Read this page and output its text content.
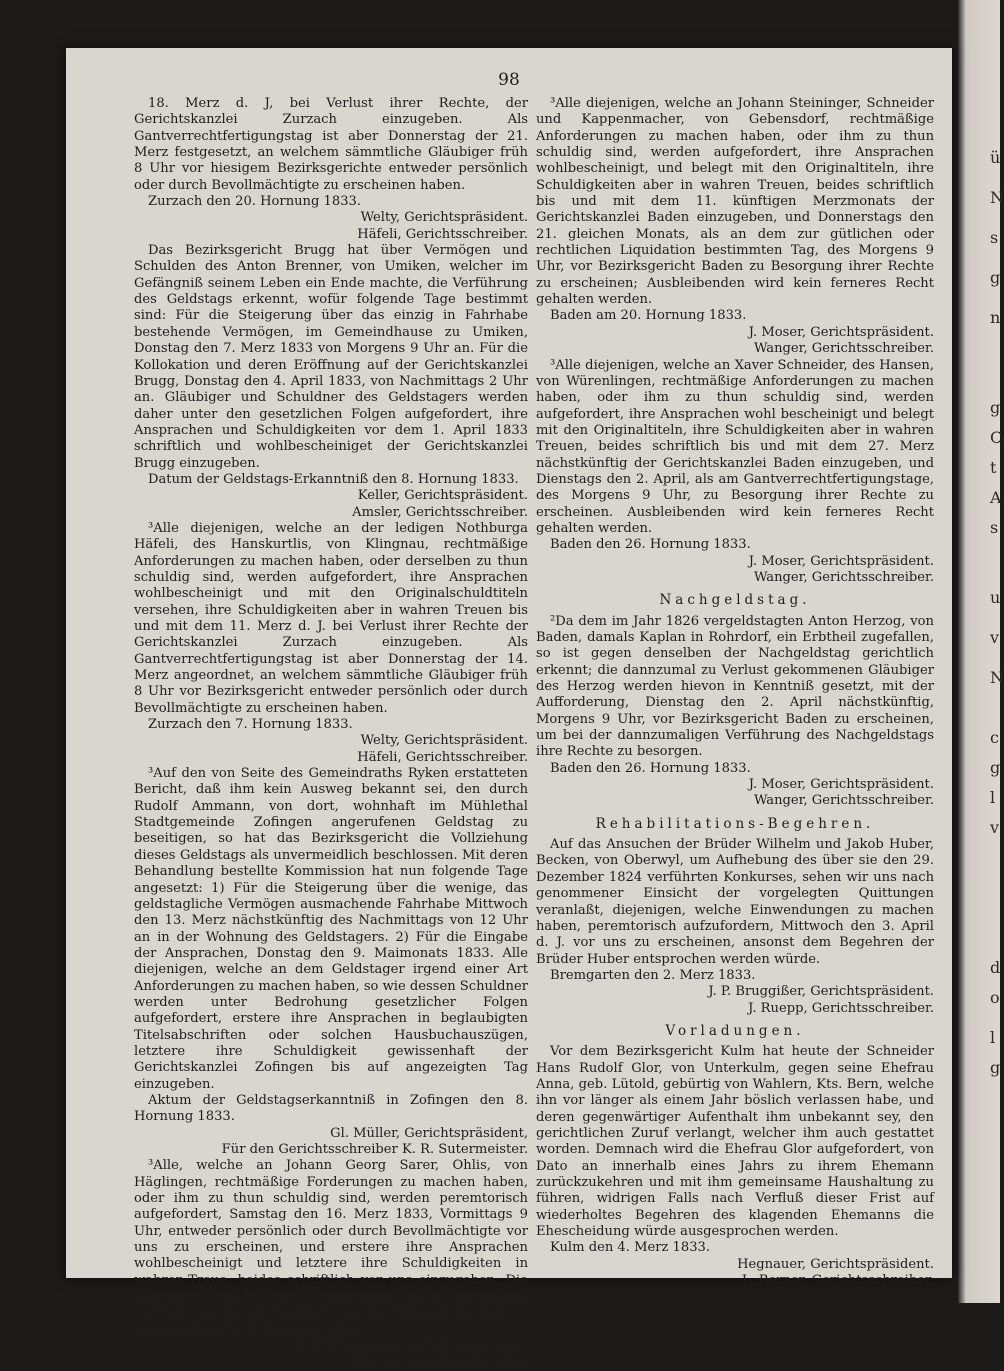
ü
N
s
g
n
g
C
t
A
s
u
v
N
c
g
l
v
d
o
l
g
98
18. Merz d. J, bei Verlust ihrer Rechte, der Gerichtskanzlei Zurzach einzugeben. Als Gantverrechtfertigungstag ist aber Donnerstag der 21. Merz festgesetzt, an welchem sämmtliche Gläubiger früh 8 Uhr vor hiesigem Bezirksgerichte entweder persönlich oder durch Bevollmächtigte zu erscheinen haben.
Zurzach den 20. Hornung 1833.
Welty, Gerichtspräsident.
Häfeli, Gerichtsschreiber.
Das Bezirksgericht Brugg hat über Vermögen und Schulden des Anton Brenner, von Umiken, welcher im Gefängniß seinem Leben ein Ende machte, die Verführung des Geldstags erkennt, wofür folgende Tage bestimmt sind: Für die Steigerung über das einzig in Fahrhabe bestehende Vermögen, im Gemeindhause zu Umiken, Donstag den 7. Merz 1833 von Morgens 9 Uhr an. Für die Kollokation und deren Eröffnung auf der Gerichtskanzlei Brugg, Donstag den 4. April 1833, von Nachmittags 2 Uhr an. Gläubiger und Schuldner des Geldstagers werden daher unter den gesetzlichen Folgen aufgefordert, ihre Ansprachen und Schuldigkeiten vor dem 1. April 1833 schriftlich und wohlbescheiniget der Gerichtskanzlei Brugg einzugeben.
Datum der Geldstags-Erkanntniß den 8. Hornung 1833.
Keller, Gerichtspräsident.
Amsler, Gerichtsschreiber.
³Alle diejenigen, welche an der ledigen Nothburga Häfeli, des Hanskurtlis, von Klingnau, rechtmäßige Anforderungen zu machen haben, oder derselben zu thun schuldig sind, werden aufgefordert, ihre Ansprachen wohlbescheinigt und mit den Originalschuldtiteln versehen, ihre Schuldigkeiten aber in wahren Treuen bis und mit dem 11. Merz d. J. bei Verlust ihrer Rechte der Gerichtskanzlei Zurzach einzugeben. Als Gantverrechtfertigungstag ist aber Donnerstag der 14. Merz angeordnet, an welchem sämmtliche Gläubiger früh 8 Uhr vor Bezirksgericht entweder persönlich oder durch Bevollmächtigte zu erscheinen haben.
Zurzach den 7. Hornung 1833.
Welty, Gerichtspräsident.
Häfeli, Gerichtsschreiber.
³Auf den von Seite des Gemeindraths Ryken erstatteten Bericht, daß ihm kein Ausweg bekannt sei, den durch Rudolf Ammann, von dort, wohnhaft im Mühlethal Stadtgemeinde Zofingen angerufenen Geldstag zu beseitigen, so hat das Bezirksgericht die Vollziehung dieses Geldstags als unvermeidlich beschlossen. Mit deren Behandlung bestellte Kommission hat nun folgende Tage angesetzt: 1) Für die Steigerung über die wenige, das geldstagliche Vermögen ausmachende Fahrhabe Mittwoch den 13. Merz nächstkünftig des Nachmittags von 12 Uhr an in der Wohnung des Geldstagers. 2) Für die Eingabe der Ansprachen, Donstag den 9. Maimonats 1833. Alle diejenigen, welche an dem Geldstager irgend einer Art Anforderungen zu machen haben, so wie dessen Schuldner werden unter Bedrohung gesetzlicher Folgen aufgefordert, erstere ihre Ansprachen in beglaubigten Titelsabschriften oder solchen Hausbuchauszügen, letztere ihre Schuldigkeit gewissenhaft der Gerichtskanzlei Zofingen bis auf angezeigten Tag einzugeben.
Aktum der Geldstagserkanntniß in Zofingen den 8. Hornung 1833.
Gl. Müller, Gerichtspräsident,
Für den Gerichtsschreiber K. R. Sutermeister.
³Alle, welche an Johann Georg Sarer, Ohlis, von Häglingen, rechtmäßige Forderungen zu machen haben, oder ihm zu thun schuldig sind, werden peremtorisch aufgefordert, Samstag den 16. Merz 1833, Vormittags 9 Uhr, entweder persönlich oder durch Bevollmächtigte vor uns zu erscheinen, und erstere ihre Ansprachen wohlbescheinigt und letztere ihre Schuldigkeiten in wahrer Treue, beides schriftlich vor uns einzugeben. Die Gläubiger, welche ihre Forderungen nicht einreichen, werden von diesem Konkurse ausgeschlossen werden. — Bremgarten den 6. Hornung 1833.
J. P. Bruggisser, Gerichtspräsident.
J. Ruepp, Gerichtsschreiber.
³Alle diejenigen, welche an Johann Steininger, Schneider und Kappenmacher, von Gebensdorf, rechtmäßige Anforderungen zu machen haben, oder ihm zu thun schuldig sind, werden aufgefordert, ihre Ansprachen wohlbescheinigt, und belegt mit den Originaltiteln, ihre Schuldigkeiten aber in wahren Treuen, beides schriftlich bis und mit dem 11. künftigen Merzmonats der Gerichtskanzlei Baden einzugeben, und Donnerstags den 21. gleichen Monats, als an dem zur gütlichen oder rechtlichen Liquidation bestimmten Tag, des Morgens 9 Uhr, vor Bezirksgericht Baden zu Besorgung ihrer Rechte zu erscheinen; Ausbleibenden wird kein ferneres Recht gehalten werden.
Baden am 20. Hornung 1833.
J. Moser, Gerichtspräsident.
Wanger, Gerichtsschreiber.
³Alle diejenigen, welche an Xaver Schneider, des Hansen, von Würenlingen, rechtmäßige Anforderungen zu machen haben, oder ihm zu thun schuldig sind, werden aufgefordert, ihre Ansprachen wohl bescheinigt und belegt mit den Originaltiteln, ihre Schuldigkeiten aber in wahren Treuen, beides schriftlich bis und mit dem 27. Merz nächstkünftig der Gerichtskanzlei Baden einzugeben, und Dienstags den 2. April, als am Gantverrechtfertigungstage, des Morgens 9 Uhr, zu Besorgung ihrer Rechte zu erscheinen. Ausbleibenden wird kein ferneres Recht gehalten werden.
Baden den 26. Hornung 1833.
J. Moser, Gerichtspräsident.
Wanger, Gerichtsschreiber.
Nachgeldstag.
²Da dem im Jahr 1826 vergeldstagten Anton Herzog, von Baden, damals Kaplan in Rohrdorf, ein Erbtheil zugefallen, so ist gegen denselben der Nachgeldstag gerichtlich erkennt; die dannzumal zu Verlust gekommenen Gläubiger des Herzog werden hievon in Kenntniß gesetzt, mit der Aufforderung, Dienstag den 2. April nächstkünftig, Morgens 9 Uhr, vor Bezirksgericht Baden zu erscheinen, um bei der dannzumaligen Verführung des Nachgeldstags ihre Rechte zu besorgen.
Baden den 26. Hornung 1833.
J. Moser, Gerichtspräsident.
Wanger, Gerichtsschreiber.
Rehabilitations-Begehren.
Auf das Ansuchen der Brüder Wilhelm und Jakob Huber, Becken, von Oberwyl, um Aufhebung des über sie den 29. Dezember 1824 verführten Konkurses, sehen wir uns nach genommener Einsicht der vorgelegten Quittungen veranlaßt, diejenigen, welche Einwendungen zu machen haben, peremtorisch aufzufordern, Mittwoch den 3. April d. J. vor uns zu erscheinen, ansonst dem Begehren der Brüder Huber entsprochen werden würde.
Bremgarten den 2. Merz 1833.
J. P. Bruggißer, Gerichtspräsident.
J. Ruepp, Gerichtsschreiber.
Vorladungen.
Vor dem Bezirksgericht Kulm hat heute der Schneider Hans Rudolf Glor, von Unterkulm, gegen seine Ehefrau Anna, geb. Lütold, gebürtig von Wahlern, Kts. Bern, welche ihn vor länger als einem Jahr böslich verlassen habe, und deren gegenwärtiger Aufenthalt ihm unbekannt sey, den gerichtlichen Zuruf verlangt, welcher ihm auch gestattet worden. Demnach wird die Ehefrau Glor aufgefordert, von Dato an innerhalb eines Jahrs zu ihrem Ehemann zurückzukehren und mit ihm gemeinsame Haushaltung zu führen, widrigen Falls nach Verfluß dieser Frist auf wiederholtes Begehren des klagenden Ehemanns die Ehescheidung würde ausgesprochen werden.
Kulm den 4. Merz 1833.
Hegnauer, Gerichtspräsident.
L. Berner, Gerichtsschreiber.
